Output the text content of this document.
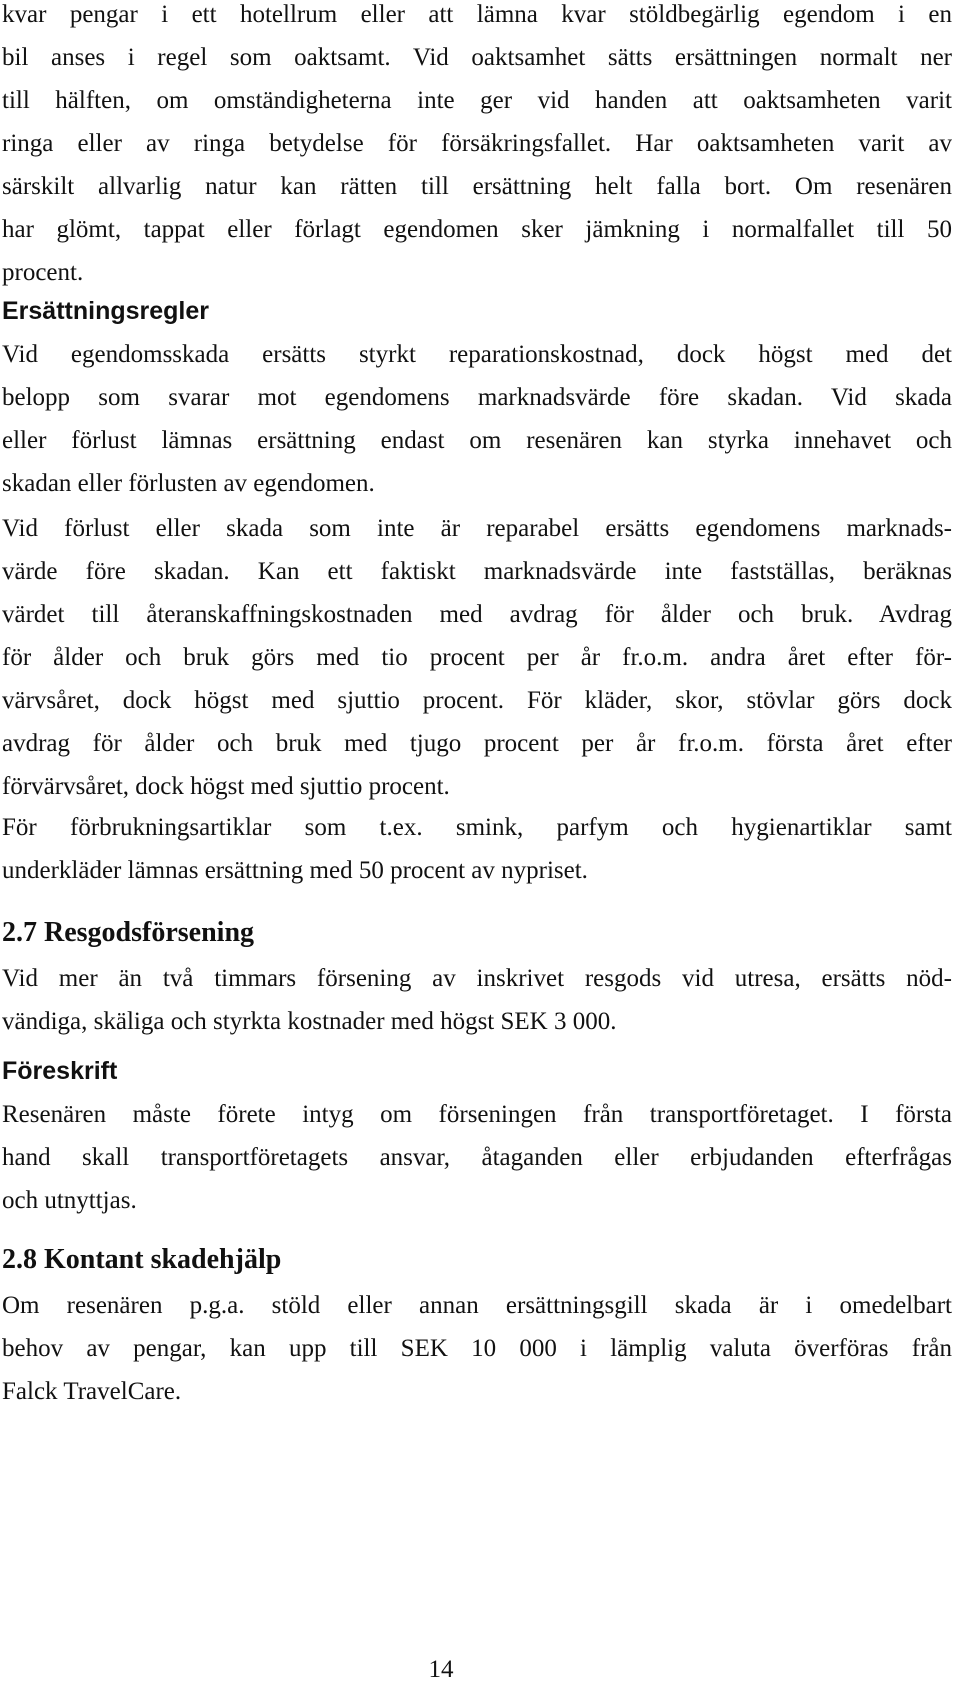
kvar pengar i ett hotellrum eller att lämna kvar stöldbegärlig egendom i en
bil anses i regel som oaktsamt. Vid oaktsamhet sätts ersättningen normalt ner
till hälften, om omständigheterna inte ger vid handen att oaktsamheten varit
ringa eller av ringa betydelse för försäkringsfallet. Har oaktsamheten varit av
särskilt allvarlig natur kan rätten till ersättning helt falla bort. Om resenären
har glömt, tappat eller förlagt egendomen sker jämkning i normalfallet till 50
procent.

Ersättningsregler

Vid egendomsskada ersätts styrkt reparationskostnad, dock högst med det
belopp som svarar mot egendomens marknadsvärde före skadan. Vid skada
eller förlust lämnas ersättning endast om resenären kan styrka innehavet och
skadan eller förlusten av egendomen.

Vid förlust eller skada som inte är reparabel ersätts egendomens marknads-
värde före skadan. Kan ett faktiskt marknadsvärde inte fastställas, beräknas
värdet till återanskaffningskostnaden med avdrag för ålder och bruk. Avdrag
för ålder och bruk görs med tio procent per år fr.o.m. andra året efter för-
värvsåret, dock högst med sjuttio procent. För kläder, skor, stövlar görs dock
avdrag för ålder och bruk med tjugo procent per år fr.o.m. första året efter
förvärvsåret, dock högst med sjuttio procent.

För förbrukningsartiklar som t.ex. smink, parfym och hygienartiklar samt
underkläder lämnas ersättning med 50 procent av nypriset.

2.7 Resgodsförsening

Vid mer än två timmars försening av inskrivet resgods vid utresa, ersätts nöd-
vändiga, skäliga och styrkta kostnader med högst SEK 3 000.

Föreskrift

Resenären måste förete intyg om förseningen från transportföretaget. I första
hand skall transportföretagets ansvar, åtaganden eller erbjudanden efterfrågas
och utnyttjas.

2.8 Kontant skadehjälp

Om resenären p.g.a. stöld eller annan ersättningsgill skada är i omedelbart
behov av pengar, kan upp till SEK 10 000 i lämplig valuta överföras från
Falck TravelCare.

14
